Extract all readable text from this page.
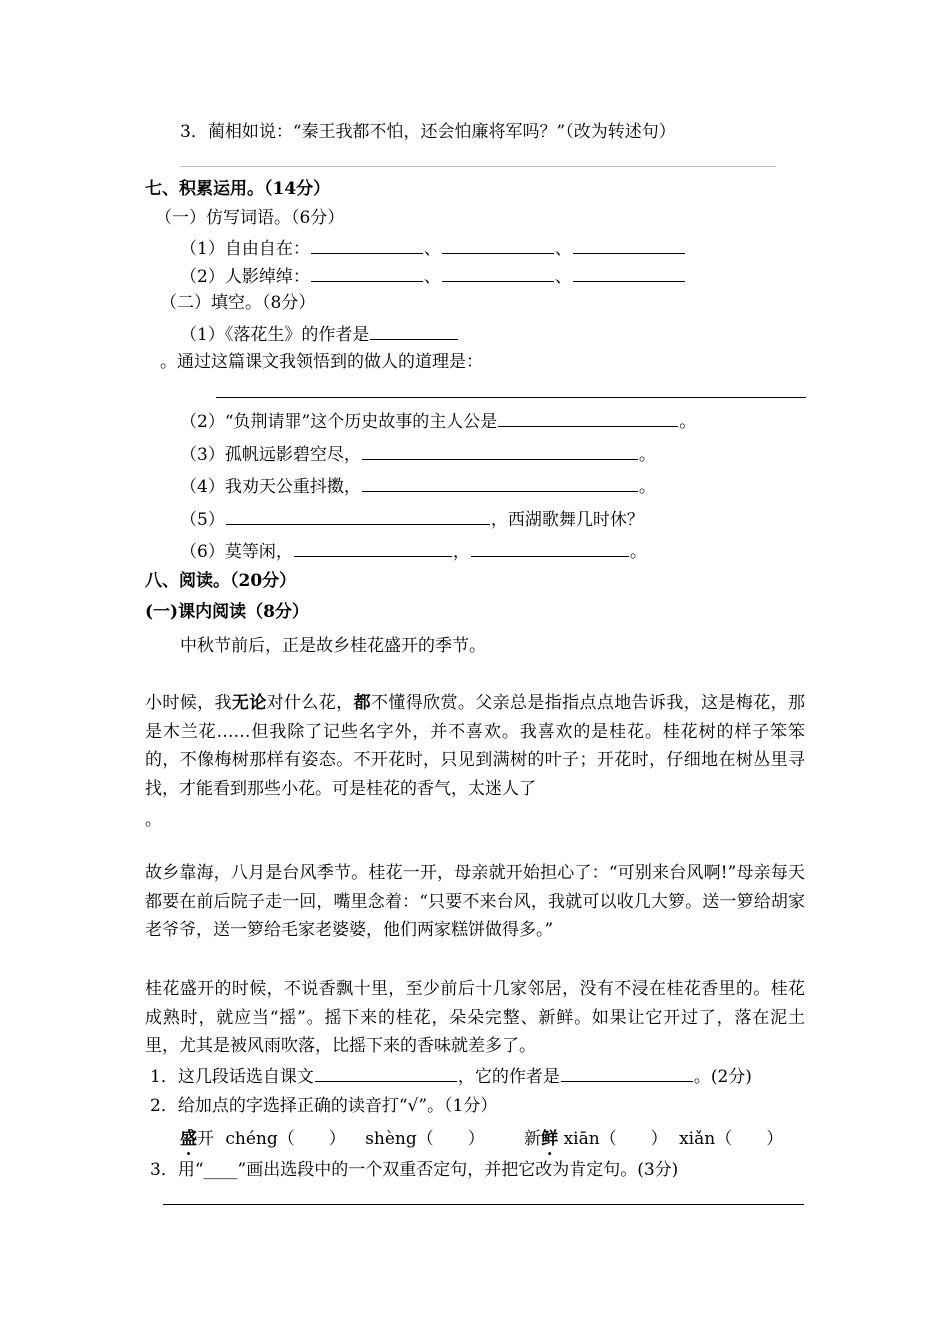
3．蔺相如说：“秦王我都不怕，还会怕廉将军吗？”（改为转述句）
七、积累运用。（14分）
（一）仿写词语。（6分）
（1）自由自在：	、	、
（2）人影绰绰：	、	、
（二）填空。（8分）
（1）《落花生》的作者是
。通过这篇课文我领悟到的做人的道理是：
（2）“负荆请罪”这个历史故事的主人公是	。
（3）孤帆远影碧空尽，	。
（4）我劝天公重抖擞，	。
（5）	，西湖歌舞几时休？
（6）莫等闲，	，	。
八、阅读。（20分）
(一)课内阅读（8分）
中秋节前后，正是故乡桂花盛开的季节。
小时候，我无论对什么花，都不懂得欣赏。父亲总是指指点点地告诉我，这是梅花，那是木兰花……但我除了记些名字外，并不喜欢。我喜欢的是桂花。桂花树的样子笨笨的，不像梅树那样有姿态。不开花时，只见到满树的叶子；开花时，仔细地在树丛里寻找，才能看到那些小花。可是桂花的香气，太迷人了
。
故乡靠海，八月是台风季节。桂花一开，母亲就开始担心了：“可别来台风啊!”母亲每天都要在前后院子走一回，嘴里念着：“只要不来台风，我就可以收几大箩。送一箩给胡家老爷爷，送一箩给毛家老婆婆，他们两家糕饼做得多。”
桂花盛开的时候，不说香飘十里，至少前后十几家邻居，没有不浸在桂花香里的。桂花成熟时，就应当“摇”。摇下来的桂花，朵朵完整、新鲜。如果让它开过了，落在泥土里，尤其是被风雨吹落，比摇下来的香味就差多了。
1．这几段话选自课文	，它的作者是	。(2分)
2．给加点的字选择正确的读音打“√”。（1分）
盛开 chéng（　　） shèng（　　） 新鲜 xiān（　　） xiǎn（　　）
3．用“____”画出选段中的一个双重否定句，并把它改为肯定句。(3分)
